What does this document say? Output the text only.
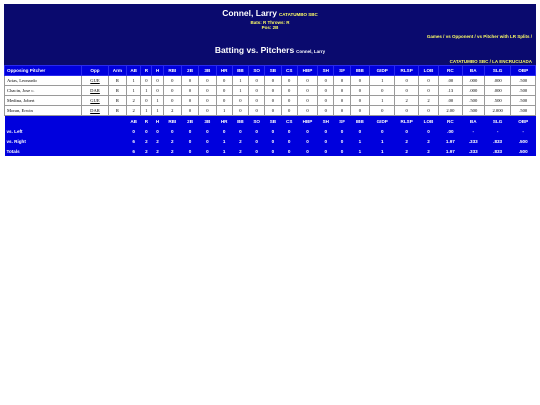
Connel, Larry CATATUMBO SBC
Bats: R Throws: R
Pos: 2B
Games / vs Opponent / vs Pitcher with LR Splits /
Batting vs. Pitchers Connel, Larry
CATATUMBO SBC / LA ENCRUCIJADA
Opposing Pitcher	Opp	Arm	AB	R	H	RBI	2B	3B	HR	BB	SO	SB	CS	HBP	SH	SF	IBB	GIDP	RLSP	LOB	RC	BA	SLG	OBP
Arias, Leonardo	GUE	R	1	0	0	0	0	0	0	1	0	0	0	0	0	0	0	1	0	0	.00	.000	.000	.500
Chacin, Jose c.	DAR	R	1	1	0	0	0	0	0	1	0	0	0	0	0	0	0	0	0	0	.13	.000	.000	.500
Medina, Jobert	GUE	R	2	0	1	0	0	0	0	0	0	0	0	0	0	0	0	1	2	2	.00	.500	.500	.500
Moran, Erwin	DAR	R	2	1	1	2	0	0	1	0	0	0	0	0	0	0	0	0	0	0	2.00	.500	2.000	.500
			AB	R	H	RBI	2B	3B	HR	BB	SO	SB	CS	HBP	SH	SF	IBB	GIDP	RLSP	LOB	RC	BA	SLG	OBP
vs. Left			0	0	0	0	0	0	0	0	0	0	0	0	0	0	0	0	0	0	.00	-	-	-
vs. Right			6	2	2	2	0	0	1	2	0	0	0	0	0	0	1	1	2	2	1.97	.333	.833	.500
Totals			6	2	2	2	0	0	1	2	0	0	0	0	0	0	1	1	2	2	1.97	.333	.833	.500
